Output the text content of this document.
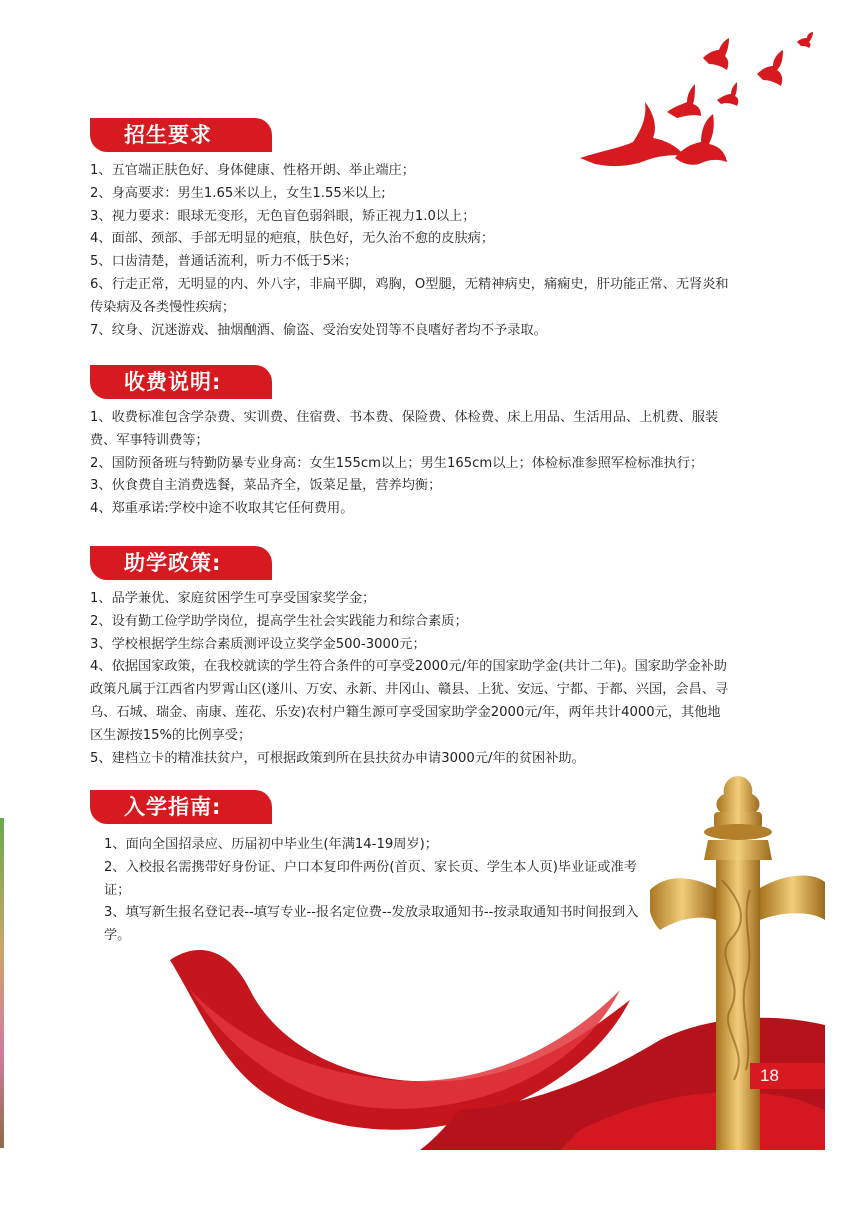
招生要求

1、五官端正肤色好、身体健康、性格开朗、举止端庄；

2、身高要求：男生1.65米以上，女生1.55米以上;

3、视力要求：眼球无变形，无色盲色弱斜眼，矫正视力1.0以上；

4、面部、颈部、手部无明显的疤痕，肤色好，无久治不愈的皮肤病；

5、口齿清楚，普通话流利，听力不低于5米；

6、行走正常，无明显的内、外八字，非扁平脚，鸡胸，O型腿，无精神病史，痛痫史，肝功能正常、无肾炎和传染病及各类慢性疾病；

7、纹身、沉迷游戏、抽烟酗酒、偷盗、受治安处罚等不良嗜好者均不予录取。

收费说明:

1、收费标准包含学杂费、实训费、住宿费、书本费、保险费、体检费、床上用品、生活用品、上机费、服装费、军事特训费等；

2、国防预备班与特勤防暴专业身高：女生155cm以上；男生165cm以上；体检标准参照军检标准执行；

3、伙食费自主消费选餐，菜品齐全，饭菜足量，营养均衡；

4、郑重承诺:学校中途不收取其它任何费用。

助学政策:

1、品学兼优、家庭贫困学生可享受国家奖学金；

2、设有勤工俭学助学岗位，提高学生社会实践能力和综合素质；

3、学校根据学生综合素质测评设立奖学金500-3000元；

4、依据国家政策，在我校就读的学生符合条件的可享受2000元/年的国家助学金(共计二年)。国家助学金补助政策凡属于江西省内罗霄山区(遂川、万安、永新、井冈山、赣县、上犹、安远、宁都、于都、兴国，会昌、寻乌、石城、瑞金、南康、莲花、乐安)农村户籍生源可享受国家助学金2000元/年，两年共计4000元，其他地区生源按15%的比例享受；

5、建档立卡的精准扶贫户，可根据政策到所在县扶贫办申请3000元/年的贫困补助。

入学指南:

1、面向全国招录应、历届初中毕业生(年满14-19周岁)；

2、入校报名需携带好身份证、户口本复印件两份(首页、家长页、学生本人页)毕业证或准考证；

3、填写新生报名登记表--填写专业--报名定位费--发放录取通知书--按录取通知书时间报到入学。

18
